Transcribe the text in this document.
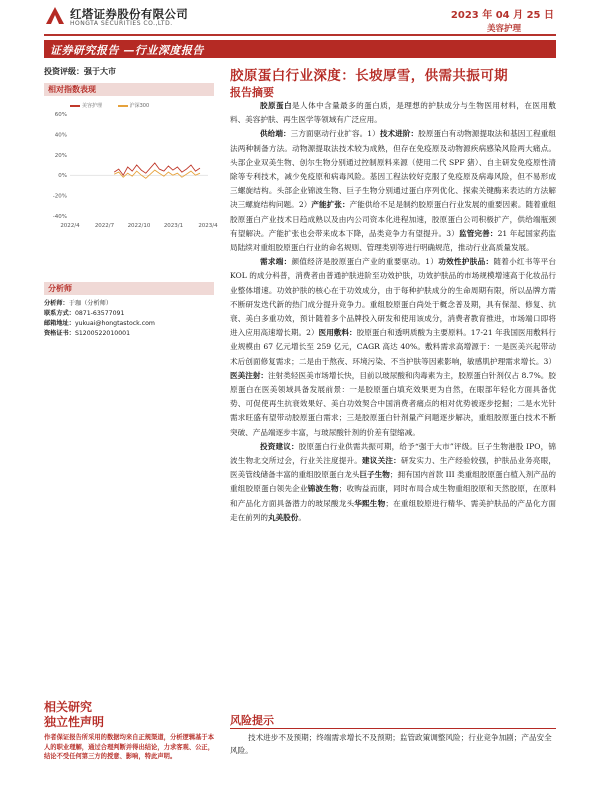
红塔证券股份有限公司
HONGTA SECURITIES CO.,LTD.
2023 年 04 月 25 日
美容护理
证券研究报告 —行业深度报告
投资评级：强于大市
相对指数表现
60%
40%
20%
0%
-20%
-40%
2022/4	2022/7 2022/10 2023/1	2023/4
美容护理	沪深300
分析师
分析师：于珈（分析师）
联系方式：0871-63577091
邮箱地址：yukuai@hongtastock.com
资格证书：S1200522010001
相关研究
独立性声明
作者保证报告所采用的数据均来自正规渠道，分析逻辑基于本人的职业理解，通过合理判断并得出结论，力求客观、公正，结论不受任何第三方的授意、影响，特此声明。
胶原蛋白行业深度：长坡厚雪，供需共振可期
报告摘要

胶原蛋白是人体中含量最多的蛋白质，是理想的护肤成分与生物医用材料，在医用敷料、美容护肤、再生医学等领域有广泛应用。

供给端：三方面驱动行业扩容。1）技术进阶：胶原蛋白有动物源提取法和基因工程重组法两种制备方法。动物源提取法技术较为成熟，但存在免疫原及动物源疾病感染风险两大痛点。头部企业双美生物、创尔生物分别通过控制原料来源（使用二代 SPF 猪）、自主研发免疫原性清除等专利技术，减少免疫原和病毒风险。基因工程法较好克服了免疫原及病毒风险，但不易形成三螺旋结构。头部企业锦波生物、巨子生物分别通过蛋白序列优化、探索关键酶来表达的方法解决三螺旋结构问题。2）产能扩张：产能供给不足是制约胶原蛋白行业发展的重要因素。随着重组胶原蛋白产业技术日趋成熟以及由内公司资本化进程加速，胶原蛋白公司积极扩产，供给端瓶颈有望解决。产能扩张也会带来成本下降，品类竞争力有望提升。3）监管完善：21 年起国家药监局陆续对重组胶原蛋白行业的命名规则、管理类别等进行明确规范，推动行业高质量发展。

需求端：颜值经济是胶原蛋白产业的重要驱动。1）功效性护肤品：随着小红书等平台 KOL 的成分科普，消费者由普通护肤进阶至功效护肤，功效护肤品的市场规模增速高于化妆品行业整体增速。功效护肤的核心在于功效成分，由于每种护肤成分的生命周期有限，所以品牌方需不断研发迭代新的热门成分提升竞争力。重组胶原蛋白尚处于概念普及期，具有保湿、修复、抗衰、美白多重功效，预计随着多个品牌投入研发和使用该成分，消费者教育推进，市场端口即将进入应用高速增长期。2）医用敷料：胶原蛋白和透明质酸为主要原料。17-21 年我国医用敷料行业规模由 67 亿元增长至 259 亿元，CAGR 高达 40%。敷料需求高增源于：一是医美兴起带动术后创面修复需求；二是由于熬夜、环境污染、不当护肤等因素影响，敏感肌护理需求增长。3）医美注射：注射类轻医美市场增长快，目前以玻尿酸和肉毒素为主，胶原蛋白针剂仅占 8.7%。胶原蛋白在医美领域具备发展前景：一是胶原蛋白填充效果更为自然，在眼部年轻化方面具备优势、可促使再生抗衰效果好、美白功效契合中国消费者痛点的相对优势被逐步挖掘；二是水光针需求旺盛有望带动胶原蛋白需求；三是胶原蛋白针剂量产问题逐步解决，重组胶原蛋白技术不断突破、产品端逐步丰富，与玻尿酸针剂的价差有望缩减。

投资建议：胶原蛋白行业供需共振可期，给予“强于大市”评级。巨子生物港股 IPO，锦波生物北交所过会，行业关注度提升。建议关注：研发实力、生产经验较强，护肤品业务亮眼，医美管线储备丰富的重组胶原蛋白龙头巨子生物；拥有国内首款 III 类重组胶原蛋白植入剂产品的重组胶原蛋白领先企业锦波生物；收购益而康，同时布局合成生物重组胶原和天然胶原，在原料和产品化方面具备潜力的玻尿酸龙头华熙生物；在重组胶原进行精华、需美护肤品的产品化方面走在前列的丸美股份。

风险提示
技术进步不及预期；终端需求增长不及预期；监管政策调整风险；行业竞争加剧；产品安全风险。
